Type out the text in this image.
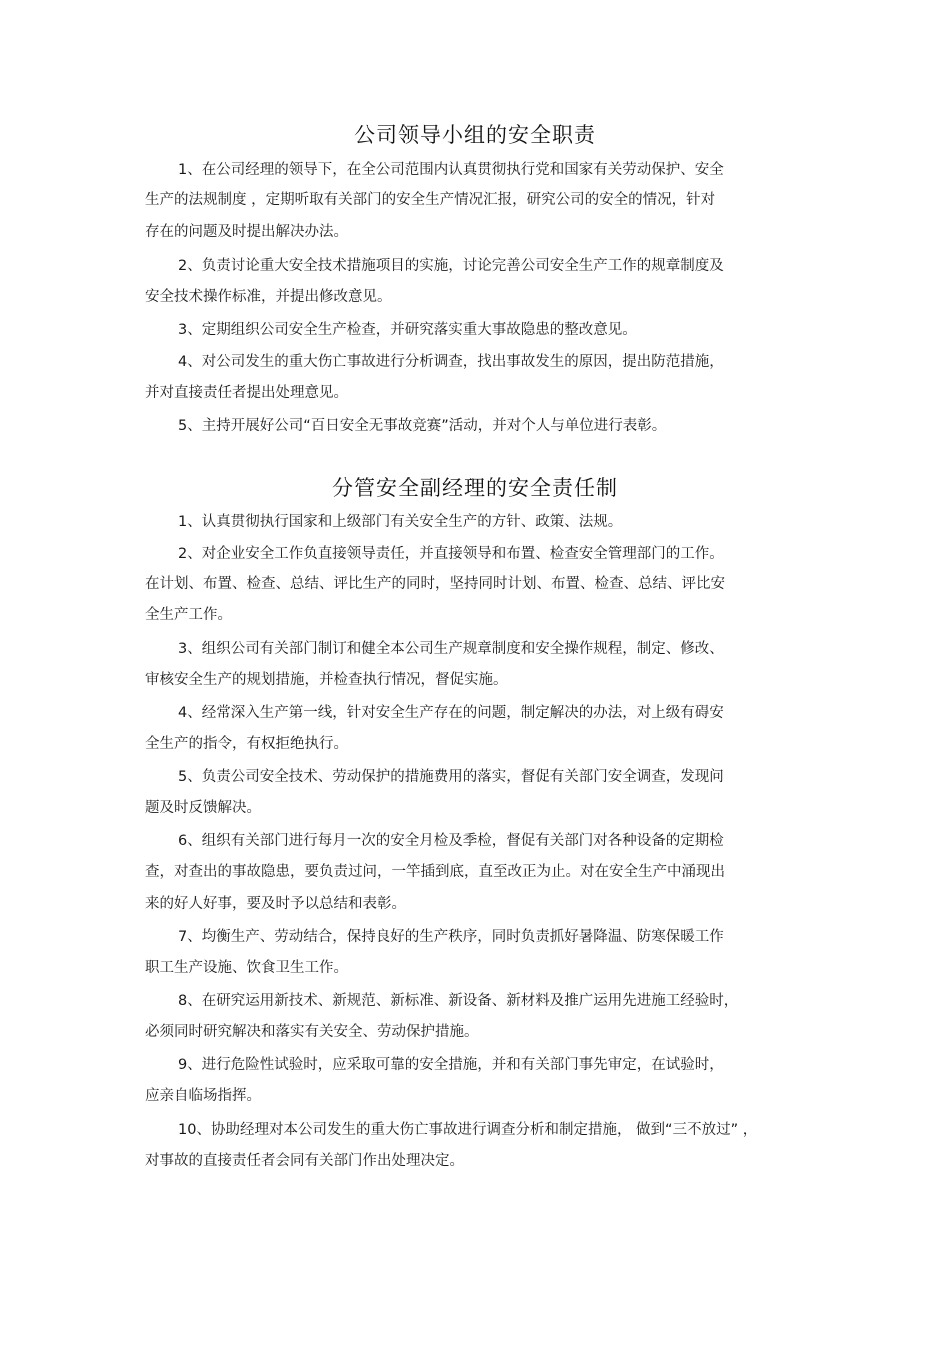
公司领导小组的安全职责
1、在公司经理的领导下，在全公司范围内认真贯彻执行党和国家有关劳动保护、安全
生产的法规制度 ，定期听取有关部门的安全生产情况汇报，研究公司的安全的情况，针对
存在的问题及时提出解决办法。
2、负责讨论重大安全技术措施项目的实施，讨论完善公司安全生产工作的规章制度及
安全技术操作标准，并提出修改意见。
3、定期组织公司安全生产检查，并研究落实重大事故隐患的整改意见。
4、对公司发生的重大伤亡事故进行分析调查，找出事故发生的原因，提出防范措施，
并对直接责任者提出处理意见。
5、主持开展好公司“百日安全无事故竞赛”活动，并对个人与单位进行表彰。
分管安全副经理的安全责任制
1、认真贯彻执行国家和上级部门有关安全生产的方针、政策、法规。
2、对企业安全工作负直接领导责任，并直接领导和布置、检查安全管理部门的工作。
在计划、布置、检查、总结、评比生产的同时，坚持同时计划、布置、检查、总结、评比安
全生产工作。
3、组织公司有关部门制订和健全本公司生产规章制度和安全操作规程，制定、修改、
审核安全生产的规划措施，并检查执行情况，督促实施。
4、经常深入生产第一线，针对安全生产存在的问题，制定解决的办法，对上级有碍安
全生产的指令，有权拒绝执行。
5、负责公司安全技术、劳动保护的措施费用的落实，督促有关部门安全调查，发现问
题及时反馈解决。
6、组织有关部门进行每月一次的安全月检及季检，督促有关部门对各种设备的定期检
查，对查出的事故隐患，要负责过问，一竿插到底，直至改正为止。对在安全生产中涌现出
来的好人好事，要及时予以总结和表彰。
7、均衡生产、劳动结合，保持良好的生产秩序，同时负责抓好暑降温、防寒保暖工作
职工生产设施、饮食卫生工作。
8、在研究运用新技术、新规范、新标准、新设备、新材料及推广运用先进施工经验时，
必须同时研究解决和落实有关安全、劳动保护措施。
9、进行危险性试验时，应采取可靠的安全措施，并和有关部门事先审定，在试验时，
应亲自临场指挥。
10、协助经理对本公司发生的重大伤亡事故进行调查分析和制定措施， 做到“三不放过” ，
对事故的直接责任者会同有关部门作出处理决定。
